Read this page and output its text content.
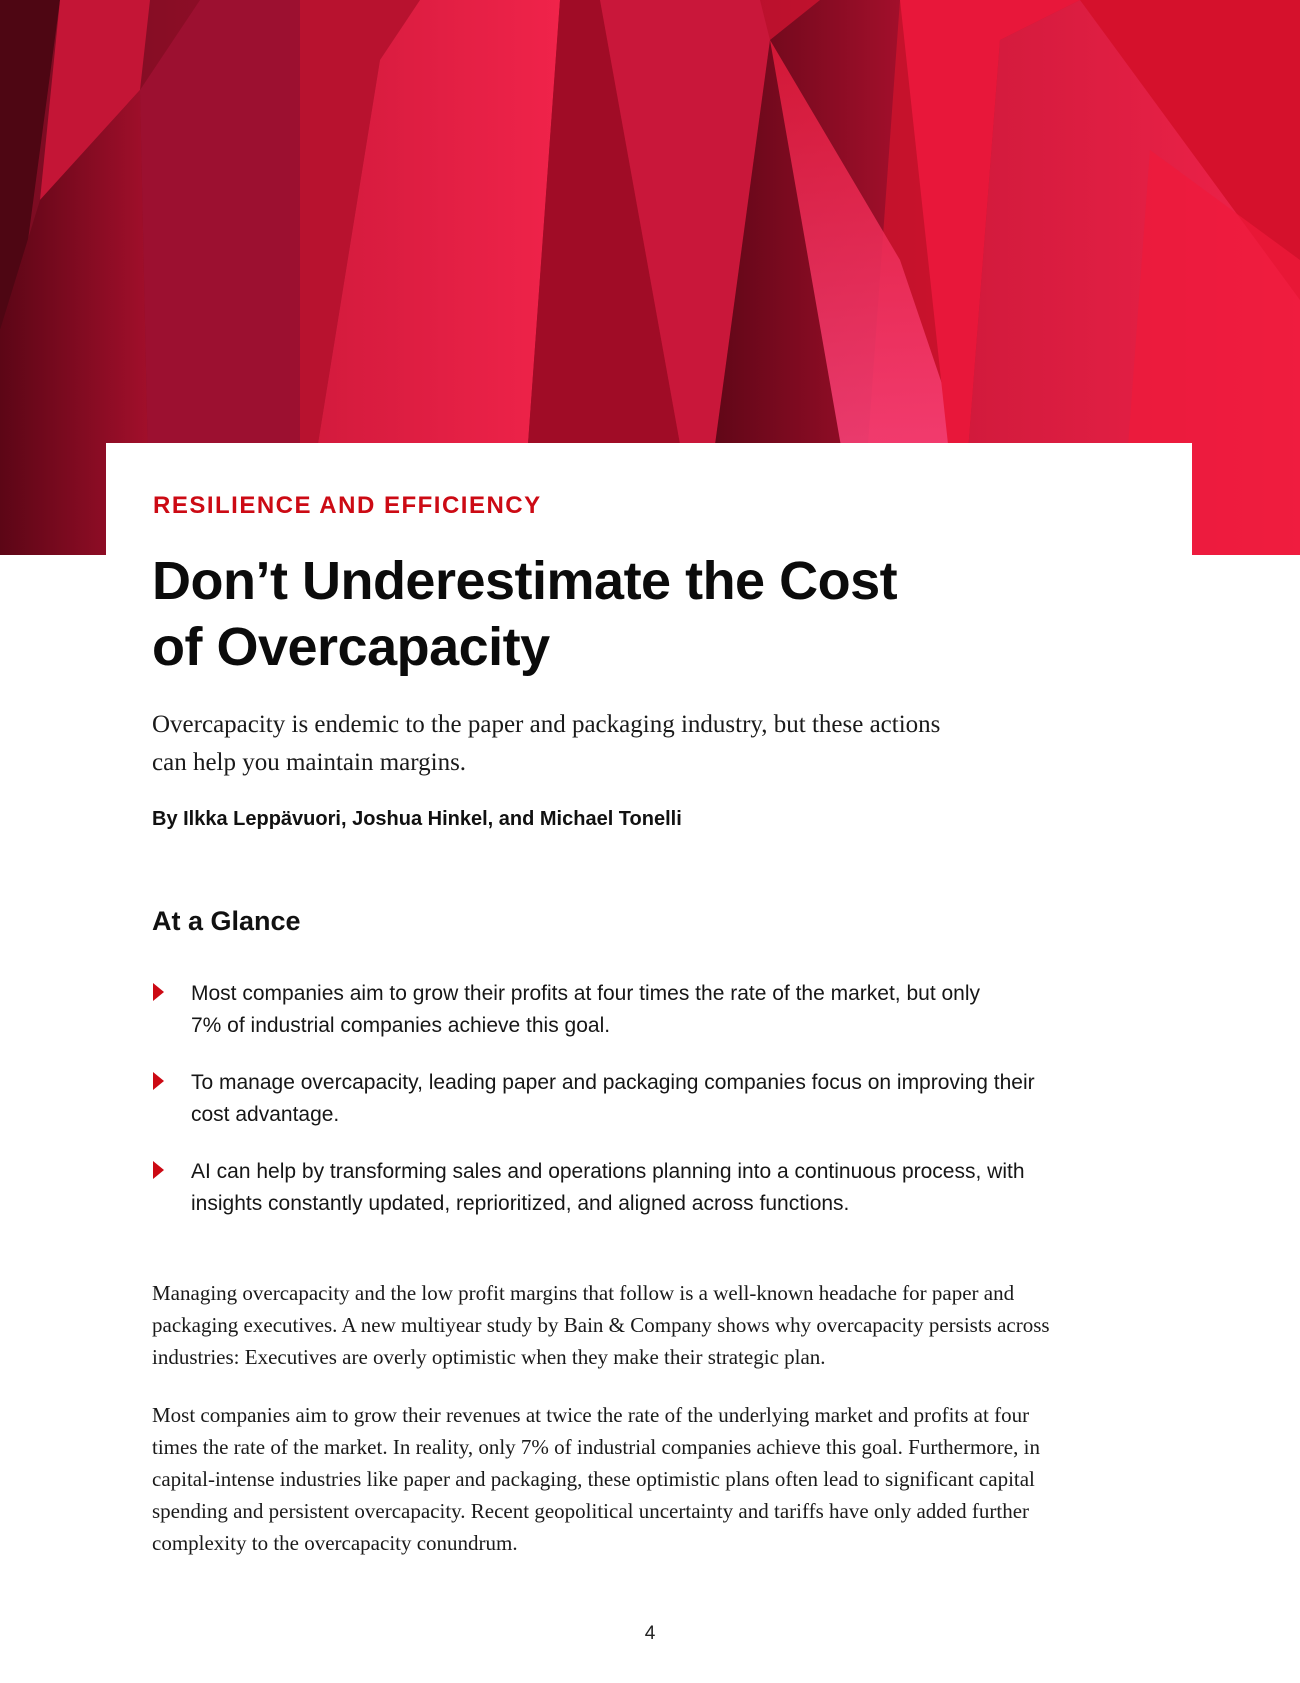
RESILIENCE AND EFFICIENCY

Don’t Underestimate the Cost
of Overcapacity

Overcapacity is endemic to the paper and packaging industry, but these actions
can help you maintain margins.

By Ilkka Leppävuori, Joshua Hinkel, and Michael Tonelli

At a Glance
Most companies aim to grow their profits at four times the rate of the market, but only
7% of industrial companies achieve this goal.
To manage overcapacity, leading paper and packaging companies focus on improving their
cost advantage.
AI can help by transforming sales and operations planning into a continuous process, with
insights constantly updated, reprioritized, and aligned across functions.

Managing overcapacity and the low profit margins that follow is a well-known headache for paper and
packaging executives. A new multiyear study by Bain & Company shows why overcapacity persists across
industries: Executives are overly optimistic when they make their strategic plan.

Most companies aim to grow their revenues at twice the rate of the underlying market and profits at four
times the rate of the market. In reality, only 7% of industrial companies achieve this goal. Furthermore, in
capital-intense industries like paper and packaging, these optimistic plans often lead to significant capital
spending and persistent overcapacity. Recent geopolitical uncertainty and tariffs have only added further
complexity to the overcapacity conundrum.

4
